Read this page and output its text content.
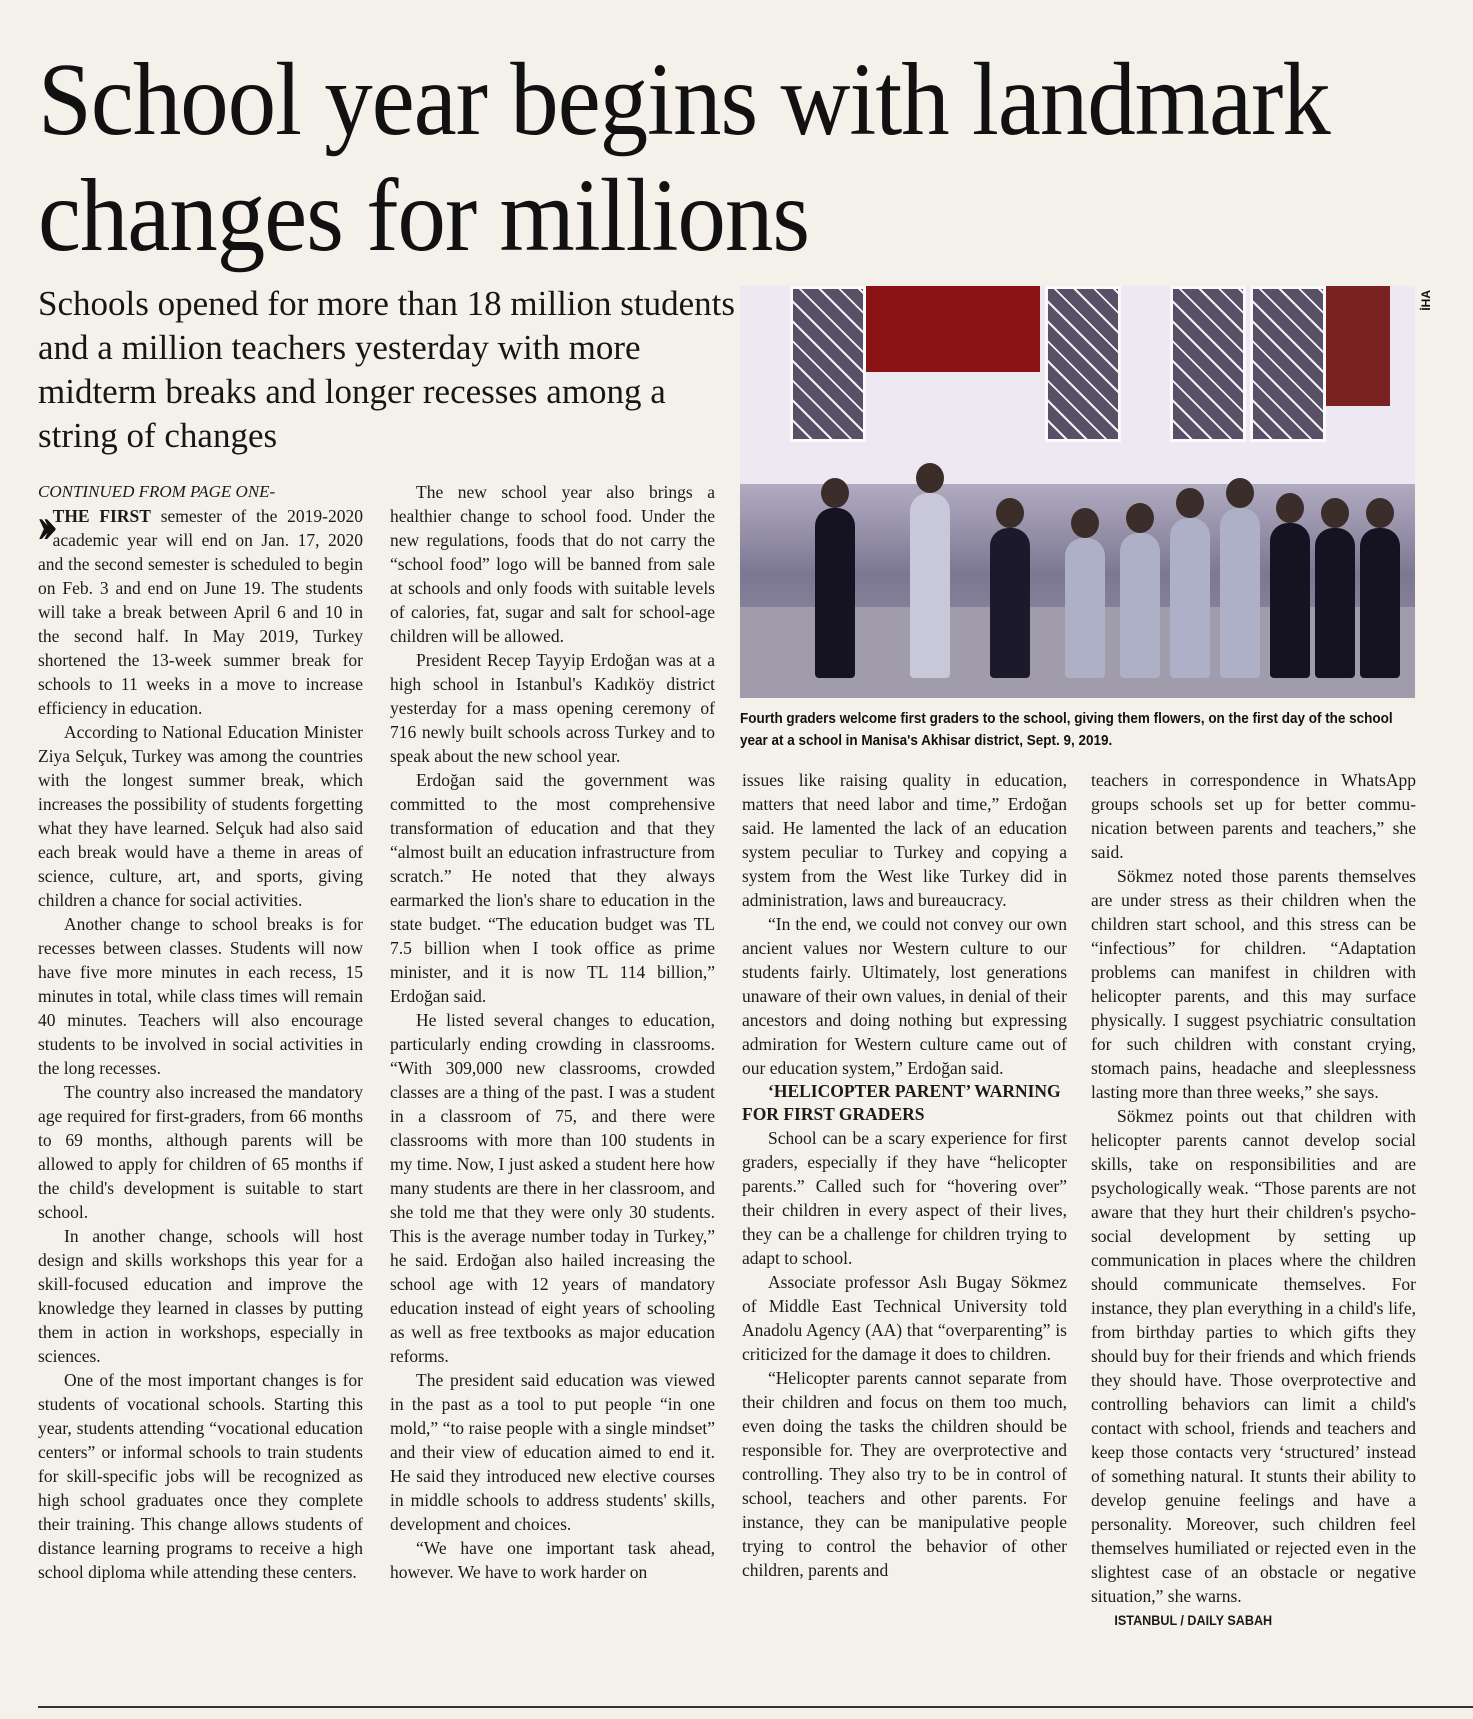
School year begins with landmark changes for millions
Schools opened for more than 18 million students and a million teachers yesterday with more midterm breaks and longer recesses among a string of changes
İHA
Fourth graders welcome first graders to the school, giving them flowers, on the first day of the school year at a school in Manisa's Akhisar district, Sept. 9, 2019.

CONTINUED FROM PAGE ONE-

›› THE FIRST semester of the 2019-2020 academic year will end on Jan. 17, 2020 and the second semester is scheduled to begin on Feb. 3 and end on June 19. The students will take a break between April 6 and 10 in the second half. In May 2019, Turkey shortened the 13-week summer break for schools to 11 weeks in a move to increase efficiency in education.

According to National Education Minister Ziya Selçuk, Turkey was among the countries with the longest summer break, which increases the possibility of students forgetting what they have learned. Selçuk had also said each break would have a theme in areas of science, culture, art, and sports, giving children a chance for social activities.

Another change to school breaks is for recesses between classes. Students will now have five more minutes in each recess, 15 minutes in total, while class times will remain 40 minutes. Teachers will also encourage students to be involved in social activities in the long recesses.

The country also increased the mandatory age required for first-graders, from 66 months to 69 months, although parents will be allowed to apply for children of 65 months if the child's development is suitable to start school.

In another change, schools will host design and skills workshops this year for a skill-focused education and improve the knowledge they learned in classes by putting them in action in workshops, especially in sciences.

One of the most important changes is for students of vocational schools. Starting this year, students attending “vocational education centers” or informal schools to train students for skill-specific jobs will be recognized as high school graduates once they complete their training. This change allows students of distance learning programs to receive a high school diploma while attending these centers.

The new school year also brings a healthier change to school food. Under the new regulations, foods that do not carry the “school food” logo will be banned from sale at schools and only foods with suitable levels of calories, fat, sugar and salt for school-age children will be allowed.

President Recep Tayyip Erdoğan was at a high school in Istanbul's Kadıköy district yesterday for a mass opening ceremony of 716 newly built schools across Turkey and to speak about the new school year.

Erdoğan said the government was committed to the most comprehensive transformation of education and that they “almost built an education infrastructure from scratch.” He noted that they always earmarked the lion's share to education in the state budget. “The education budget was TL 7.5 billion when I took office as prime minister, and it is now TL 114 billion,” Erdoğan said.

He listed several changes to education, particularly ending crowding in classrooms. “With 309,000 new classrooms, crowded classes are a thing of the past. I was a student in a classroom of 75, and there were classrooms with more than 100 students in my time. Now, I just asked a student here how many students are there in her classroom, and she told me that they were only 30 students. This is the average number today in Turkey,” he said. Erdoğan also hailed increasing the school age with 12 years of mandatory education instead of eight years of schooling as well as free textbooks as major education reforms.

The president said education was viewed in the past as a tool to put people “in one mold,” “to raise people with a single mindset” and their view of education aimed to end it. He said they introduced new elective courses in middle schools to address students' skills, development and choices.

“We have one important task ahead, however. We have to work harder on

issues like raising quality in education, matters that need labor and time,” Erdoğan said. He lamented the lack of an education system peculiar to Turkey and copying a system from the West like Turkey did in administration, laws and bureaucracy.

“In the end, we could not convey our own ancient values nor Western culture to our students fairly. Ultimately, lost generations unaware of their own values, in denial of their ancestors and doing nothing but expressing admiration for Western culture came out of our education system,” Erdoğan said.

‘HELICOPTER PARENT’ WARNING FOR FIRST GRADERS

School can be a scary experience for first graders, especially if they have “helicopter parents.” Called such for “hovering over” their children in every aspect of their lives, they can be a challenge for children trying to adapt to school.

Associate professor Aslı Bugay Sökmez of Middle East Technical University told Anadolu Agency (AA) that “overparenting” is criticized for the damage it does to children.

“Helicopter parents cannot separate from their children and focus on them too much, even doing the tasks the children should be responsible for. They are overprotective and controlling. They also try to be in control of school, teachers and other parents. For instance, they can be manipulative people trying to control the behavior of other children, parents and

teachers in correspondence in WhatsApp groups schools set up for better communication between parents and teachers,” she said.

Sökmez noted those parents themselves are under stress as their children when the children start school, and this stress can be “infectious” for children. “Adaptation problems can manifest in children with helicopter parents, and this may surface physically. I suggest psychiatric consultation for such children with constant crying, stomach pains, headache and sleeplessness lasting more than three weeks,” she says.

Sökmez points out that children with helicopter parents cannot develop social skills, take on responsibilities and are psychologically weak. “Those parents are not aware that they hurt their children's psycho-social development by setting up communication in places where the children should communicate themselves. For instance, they plan everything in a child's life, from birthday parties to which gifts they should buy for their friends and which friends they should have. Those overprotective and controlling behaviors can limit a child's contact with school, friends and teachers and keep those contacts very ‘structured’ instead of something natural. It stunts their ability to develop genuine feelings and have a personality. Moreover, such children feel themselves humiliated or rejected even in the slightest case of an obstacle or negative situation,” she warns.

ISTANBUL / DAILY SABAH
